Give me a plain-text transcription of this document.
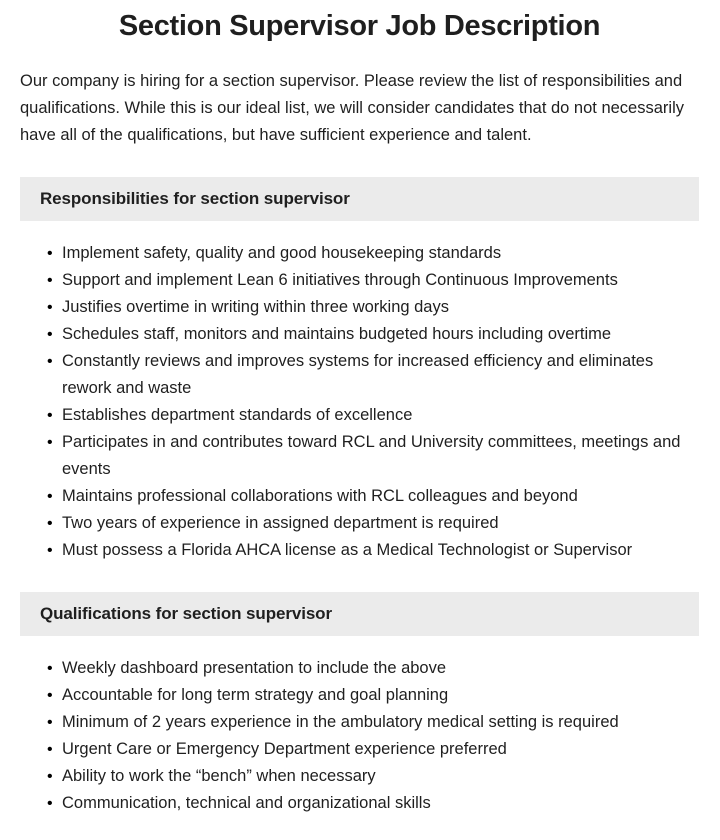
Section Supervisor Job Description

Our company is hiring for a section supervisor. Please review the list of responsibilities and qualifications. While this is our ideal list, we will consider candidates that do not necessarily have all of the qualifications, but have sufficient experience and talent.

Responsibilities for section supervisor
• Implement safety, quality and good housekeeping standards
• Support and implement Lean 6 initiatives through Continuous Improvements
• Justifies overtime in writing within three working days
• Schedules staff, monitors and maintains budgeted hours including overtime
• Constantly reviews and improves systems for increased efficiency and eliminates rework and waste
• Establishes department standards of excellence
• Participates in and contributes toward RCL and University committees, meetings and events
• Maintains professional collaborations with RCL colleagues and beyond
• Two years of experience in assigned department is required
• Must possess a Florida AHCA license as a Medical Technologist or Supervisor
Qualifications for section supervisor
• Weekly dashboard presentation to include the above
• Accountable for long term strategy and goal planning
• Minimum of 2 years experience in the ambulatory medical setting is required
• Urgent Care or Emergency Department experience preferred
• Ability to work the “bench” when necessary
• Communication, technical and organizational skills
